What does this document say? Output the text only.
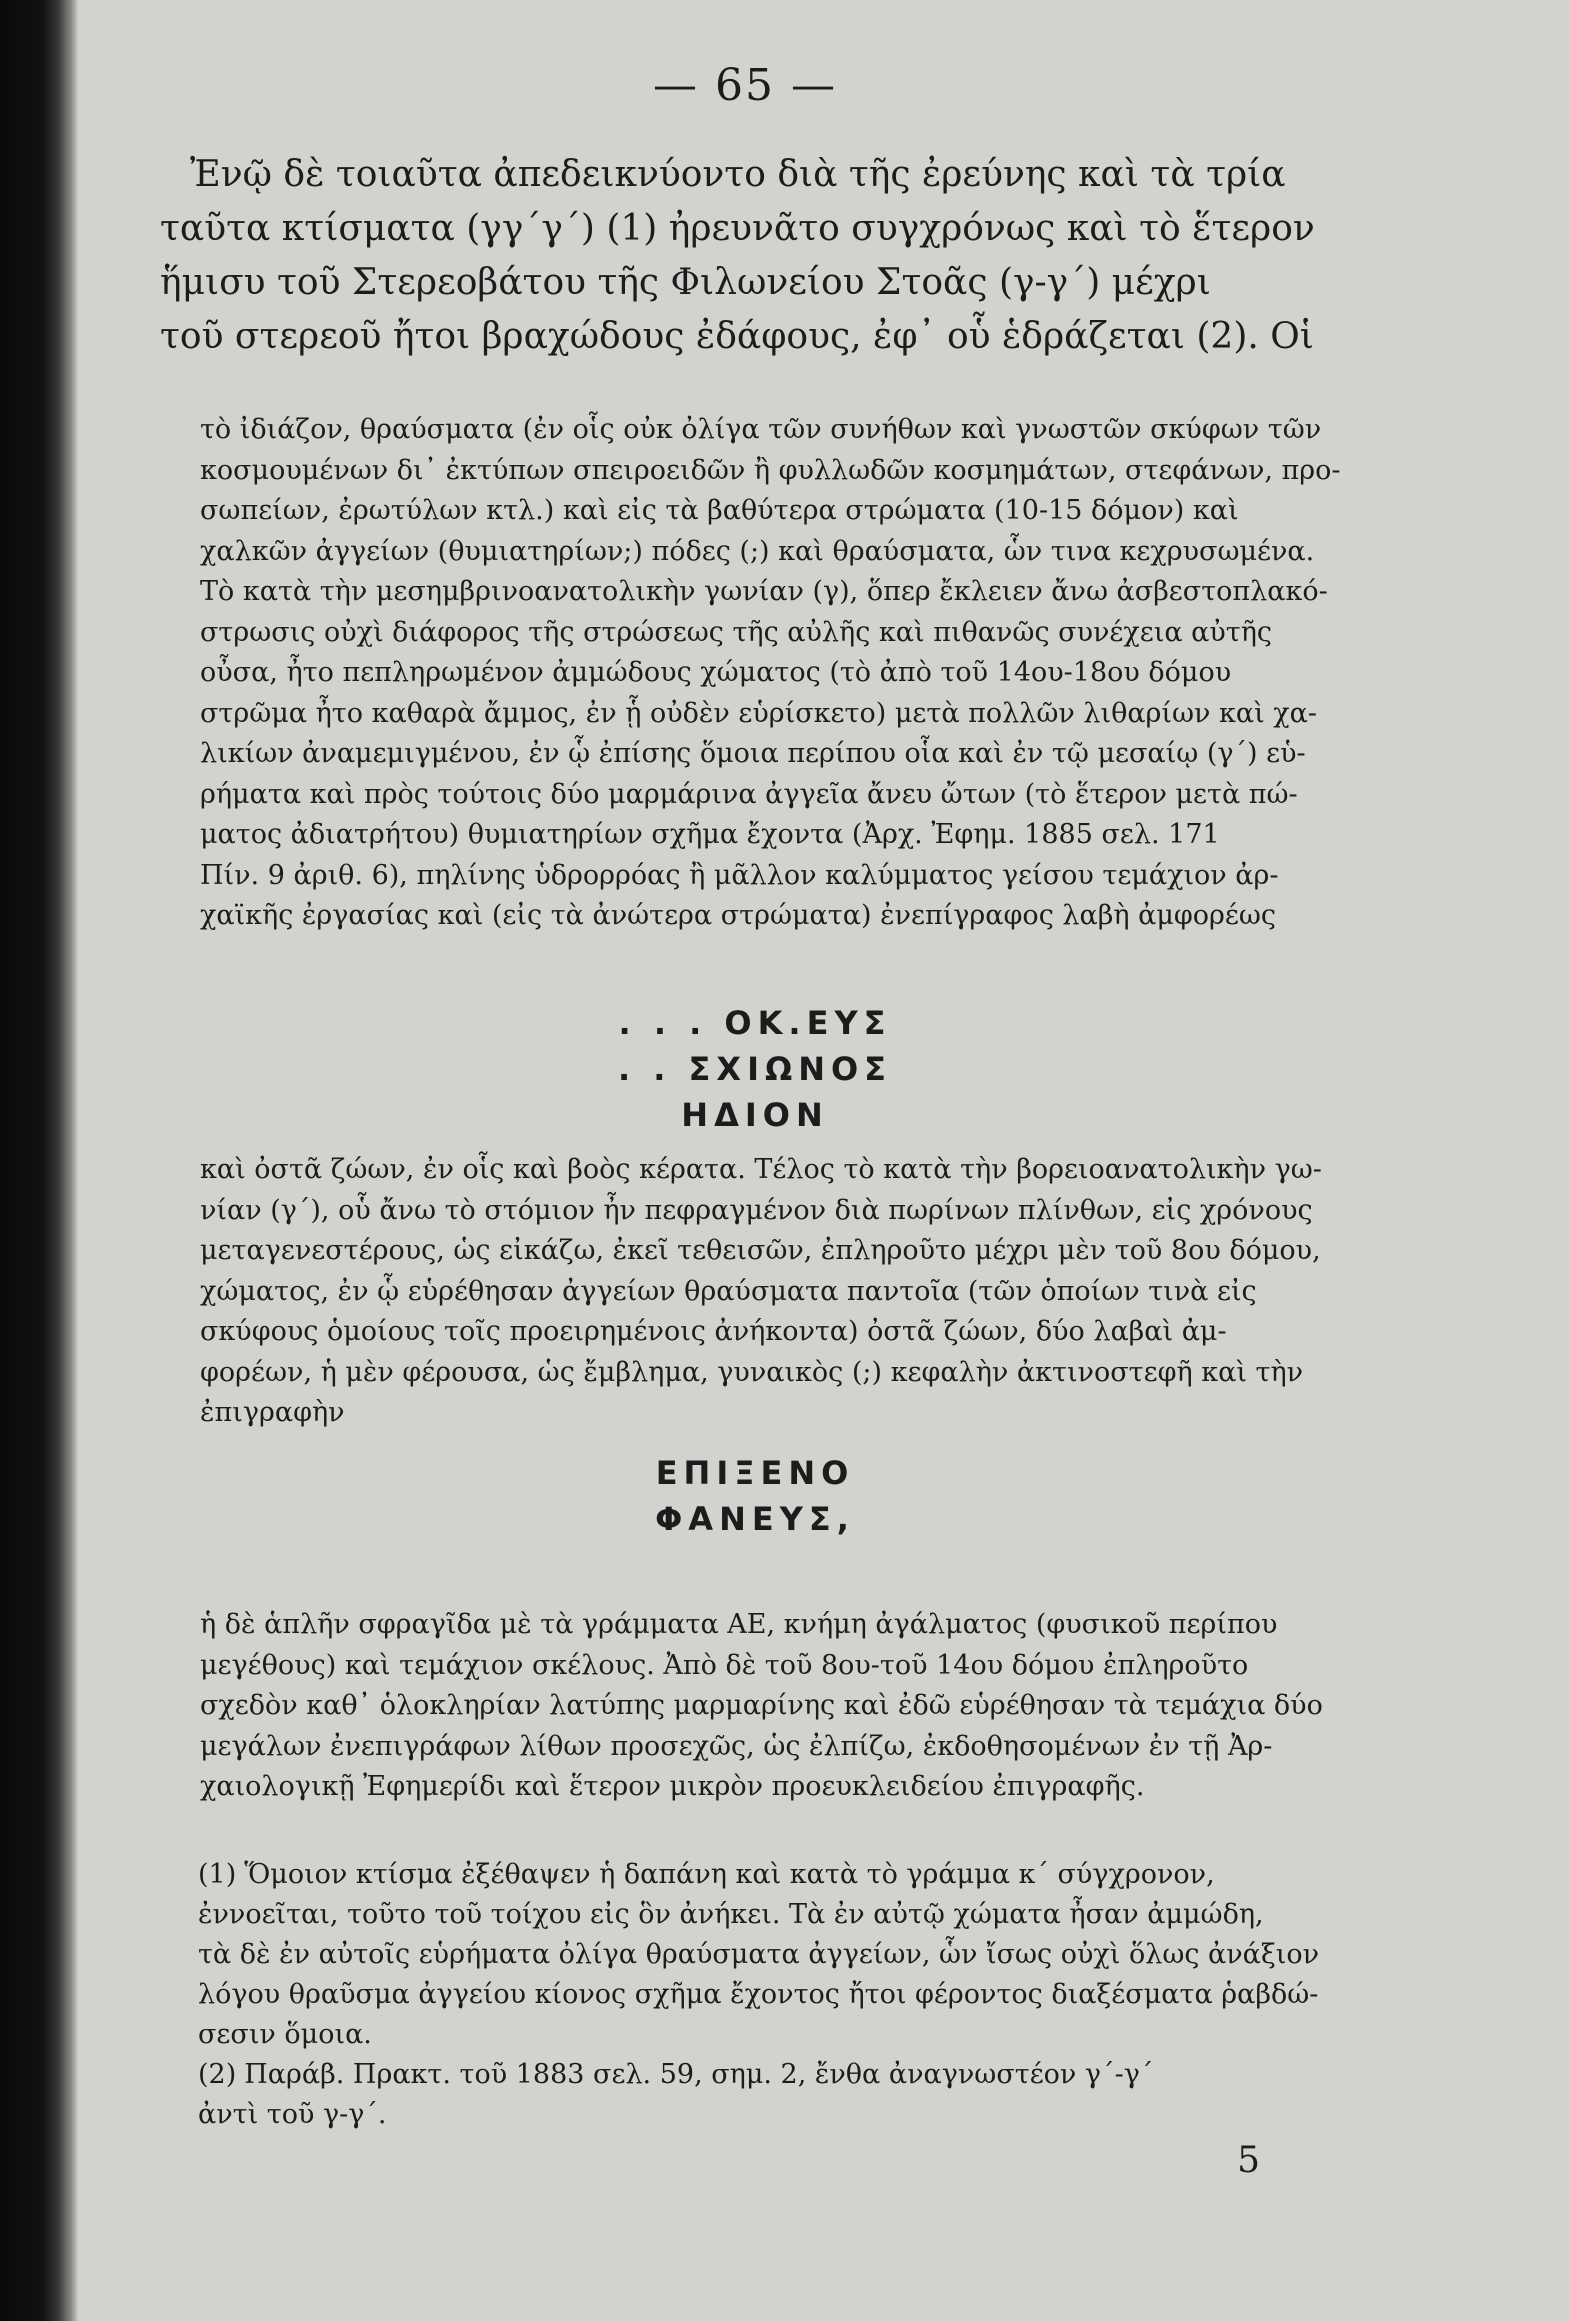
— 65 —
Ἐνῷ δὲ τοιαῦτα ἀπεδεικνύοντο διὰ τῆς ἐρεύνης καὶ τὰ τρία
ταῦτα κτίσματα (γγ΄γ΄) (1) ἠρευνᾶτο συγχρόνως καὶ τὸ ἕτερον
ἥμισυ τοῦ Στερεοβάτου τῆς Φιλωνείου Στοᾶς (γ-γ΄) μέχρι
τοῦ στερεοῦ ἤτοι βραχώδους ἐδάφους, ἐφ᾽ οὗ ἑδράζεται (2). Οἱ
τὸ ἰδιάζον, θραύσματα (ἐν οἷς οὐκ ὀλίγα τῶν συνήθων καὶ γνωστῶν σκύφων τῶν
κοσμουμένων δι᾽ ἐκτύπων σπειροειδῶν ἢ φυλλωδῶν κοσμημάτων, στεφάνων, προ-
σωπείων, ἐρωτύλων κτλ.) καὶ εἰς τὰ βαθύτερα στρώματα (10-15 δόμον) καὶ
χαλκῶν ἀγγείων (θυμιατηρίων;) πόδες (;) καὶ θραύσματα, ὧν τινα κεχρυσωμένα.
Τὸ κατὰ τὴν μεσημβρινοανατολικὴν γωνίαν (γ), ὅπερ ἔκλειεν ἄνω ἀσβεστοπλακό-
στρωσις οὐχὶ διάφορος τῆς στρώσεως τῆς αὐλῆς καὶ πιθανῶς συνέχεια αὐτῆς
οὖσα, ἦτο πεπληρωμένον ἀμμώδους χώματος (τὸ ἀπὸ τοῦ 14ου-18ου δόμου
στρῶμα ἦτο καθαρὰ ἄμμος, ἐν ᾗ οὐδὲν εὑρίσκετο) μετὰ πολλῶν λιθαρίων καὶ χα-
λικίων ἀναμεμιγμένου, ἐν ᾧ ἐπίσης ὅμοια περίπου οἷα καὶ ἐν τῷ μεσαίῳ (γ΄) εὑ-
ρήματα καὶ πρὸς τούτοις δύο μαρμάρινα ἀγγεῖα ἄνευ ὤτων (τὸ ἕτερον μετὰ πώ-
ματος ἀδιατρήτου) θυμιατηρίων σχῆμα ἔχοντα (Ἀρχ. Ἐφημ. 1885 σελ. 171
Πίν. 9 ἀριθ. 6), πηλίνης ὑδρορρόας ἢ μᾶλλον καλύμματος γείσου τεμάχιον ἀρ-
χαϊκῆς ἐργασίας καὶ (εἰς τὰ ἀνώτερα στρώματα) ἐνεπίγραφος λαβὴ ἀμφορέως
. . . ΟΚ.ΕΥΣ
. . ΣΧΙΩΝΟΣ
ΗΔΙΟΝ
καὶ ὀστᾶ ζώων, ἐν οἷς καὶ βοὸς κέρατα. Τέλος τὸ κατὰ τὴν βορειοανατολικὴν γω-
νίαν (γ΄), οὗ ἄνω τὸ στόμιον ἦν πεφραγμένον διὰ πωρίνων πλίνθων, εἰς χρόνους
μεταγενεστέρους, ὡς εἰκάζω, ἐκεῖ τεθεισῶν, ἐπληροῦτο μέχρι μὲν τοῦ 8ου δόμου,
χώματος, ἐν ᾧ εὑρέθησαν ἀγγείων θραύσματα παντοῖα (τῶν ὁποίων τινὰ εἰς
σκύφους ὁμοίους τοῖς προειρημένοις ἀνήκοντα) ὀστᾶ ζώων, δύο λαβαὶ ἀμ-
φορέων, ἡ μὲν φέρουσα, ὡς ἔμβλημα, γυναικὸς (;) κεφαλὴν ἀκτινοστεφῆ καὶ τὴν
ἐπιγραφὴν
ΕΠΙΞΕΝΟ
ΦΑΝΕΥΣ,
ἡ δὲ ἁπλῆν σφραγῖδα μὲ τὰ γράμματα ΑΕ, κνήμη ἀγάλματος (φυσικοῦ περίπου
μεγέθους) καὶ τεμάχιον σκέλους. Ἀπὸ δὲ τοῦ 8ου-τοῦ 14ου δόμου ἐπληροῦτο
σχεδὸν καθ᾽ ὁλοκληρίαν λατύπης μαρμαρίνης καὶ ἐδῶ εὑρέθησαν τὰ τεμάχια δύο
μεγάλων ἐνεπιγράφων λίθων προσεχῶς, ὡς ἐλπίζω, ἐκδοθησομένων ἐν τῇ Ἀρ-
χαιολογικῇ Ἐφημερίδι καὶ ἕτερον μικρὸν προευκλειδείου ἐπιγραφῆς.
(1) Ὅμοιον κτίσμα ἐξέθαψεν ἡ δαπάνη καὶ κατὰ τὸ γράμμα κ΄ σύγχρονον,
ἐννοεῖται, τοῦτο τοῦ τοίχου εἰς ὃν ἀνήκει. Τὰ ἐν αὐτῷ χώματα ἦσαν ἀμμώδη,
τὰ δὲ ἐν αὐτοῖς εὑρήματα ὀλίγα θραύσματα ἀγγείων, ὧν ἴσως οὐχὶ ὅλως ἀνάξιον
λόγου θραῦσμα ἀγγείου κίονος σχῆμα ἔχοντος ἤτοι φέροντος διαξέσματα ῥαβδώ-
σεσιν ὅμοια.
(2) Παράβ. Πρακτ. τοῦ 1883 σελ. 59, σημ. 2, ἔνθα ἀναγνωστέον γ΄-γ΄
ἀντὶ τοῦ γ-γ΄.
5
